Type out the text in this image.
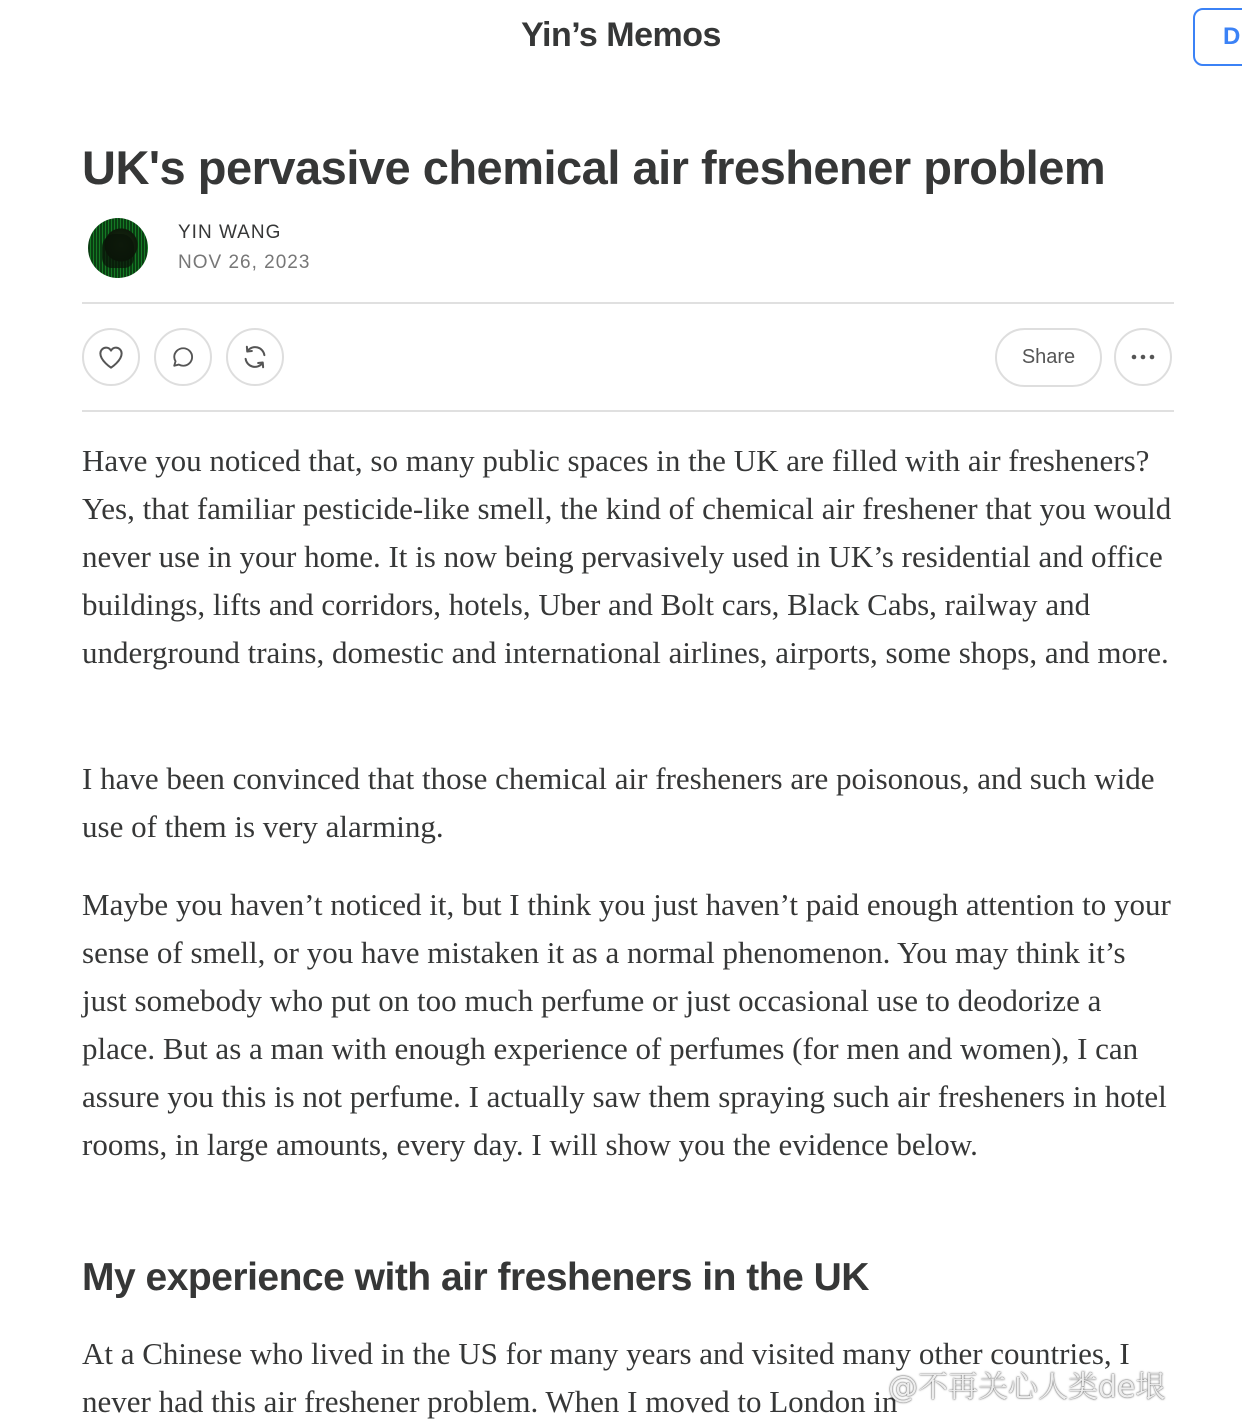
Yin’s Memos	D
UK's pervasive chemical air freshener problem
YIN WANG
NOV 26, 2023
Share

Have you noticed that, so many public spaces in the UK are filled with air fresheners? Yes, that familiar pesticide-like smell, the kind of chemical air freshener that you would never use in your home. It is now being pervasively used in UK’s residential and office buildings, lifts and corridors, hotels, Uber and Bolt cars, Black Cabs, railway and underground trains, domestic and international airlines, airports, some shops, and more.

I have been convinced that those chemical air fresheners are poisonous, and such wide use of them is very alarming.

Maybe you haven’t noticed it, but I think you just haven’t paid enough attention to your sense of smell, or you have mistaken it as a normal phenomenon. You may think it’s just somebody who put on too much perfume or just occasional use to deodorize a place. But as a man with enough experience of perfumes (for men and women), I can assure you this is not perfume. I actually saw them spraying such air fresheners in hotel rooms, in large amounts, every day. I will show you the evidence below.

My experience with air fresheners in the UK

At a Chinese who lived in the US for many years and visited many other countries, I never had this air freshener problem. When I moved to London in

@不再关心人类de垠
